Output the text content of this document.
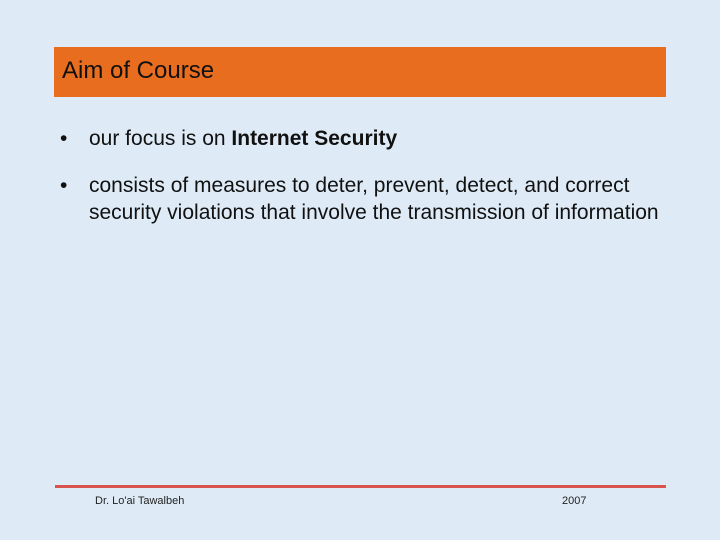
Aim of Course
•	our focus is on Internet Security
•	consists of measures to deter, prevent, detect, and correct security violations that involve the transmission of information
Dr. Lo'ai Tawalbeh	2007
